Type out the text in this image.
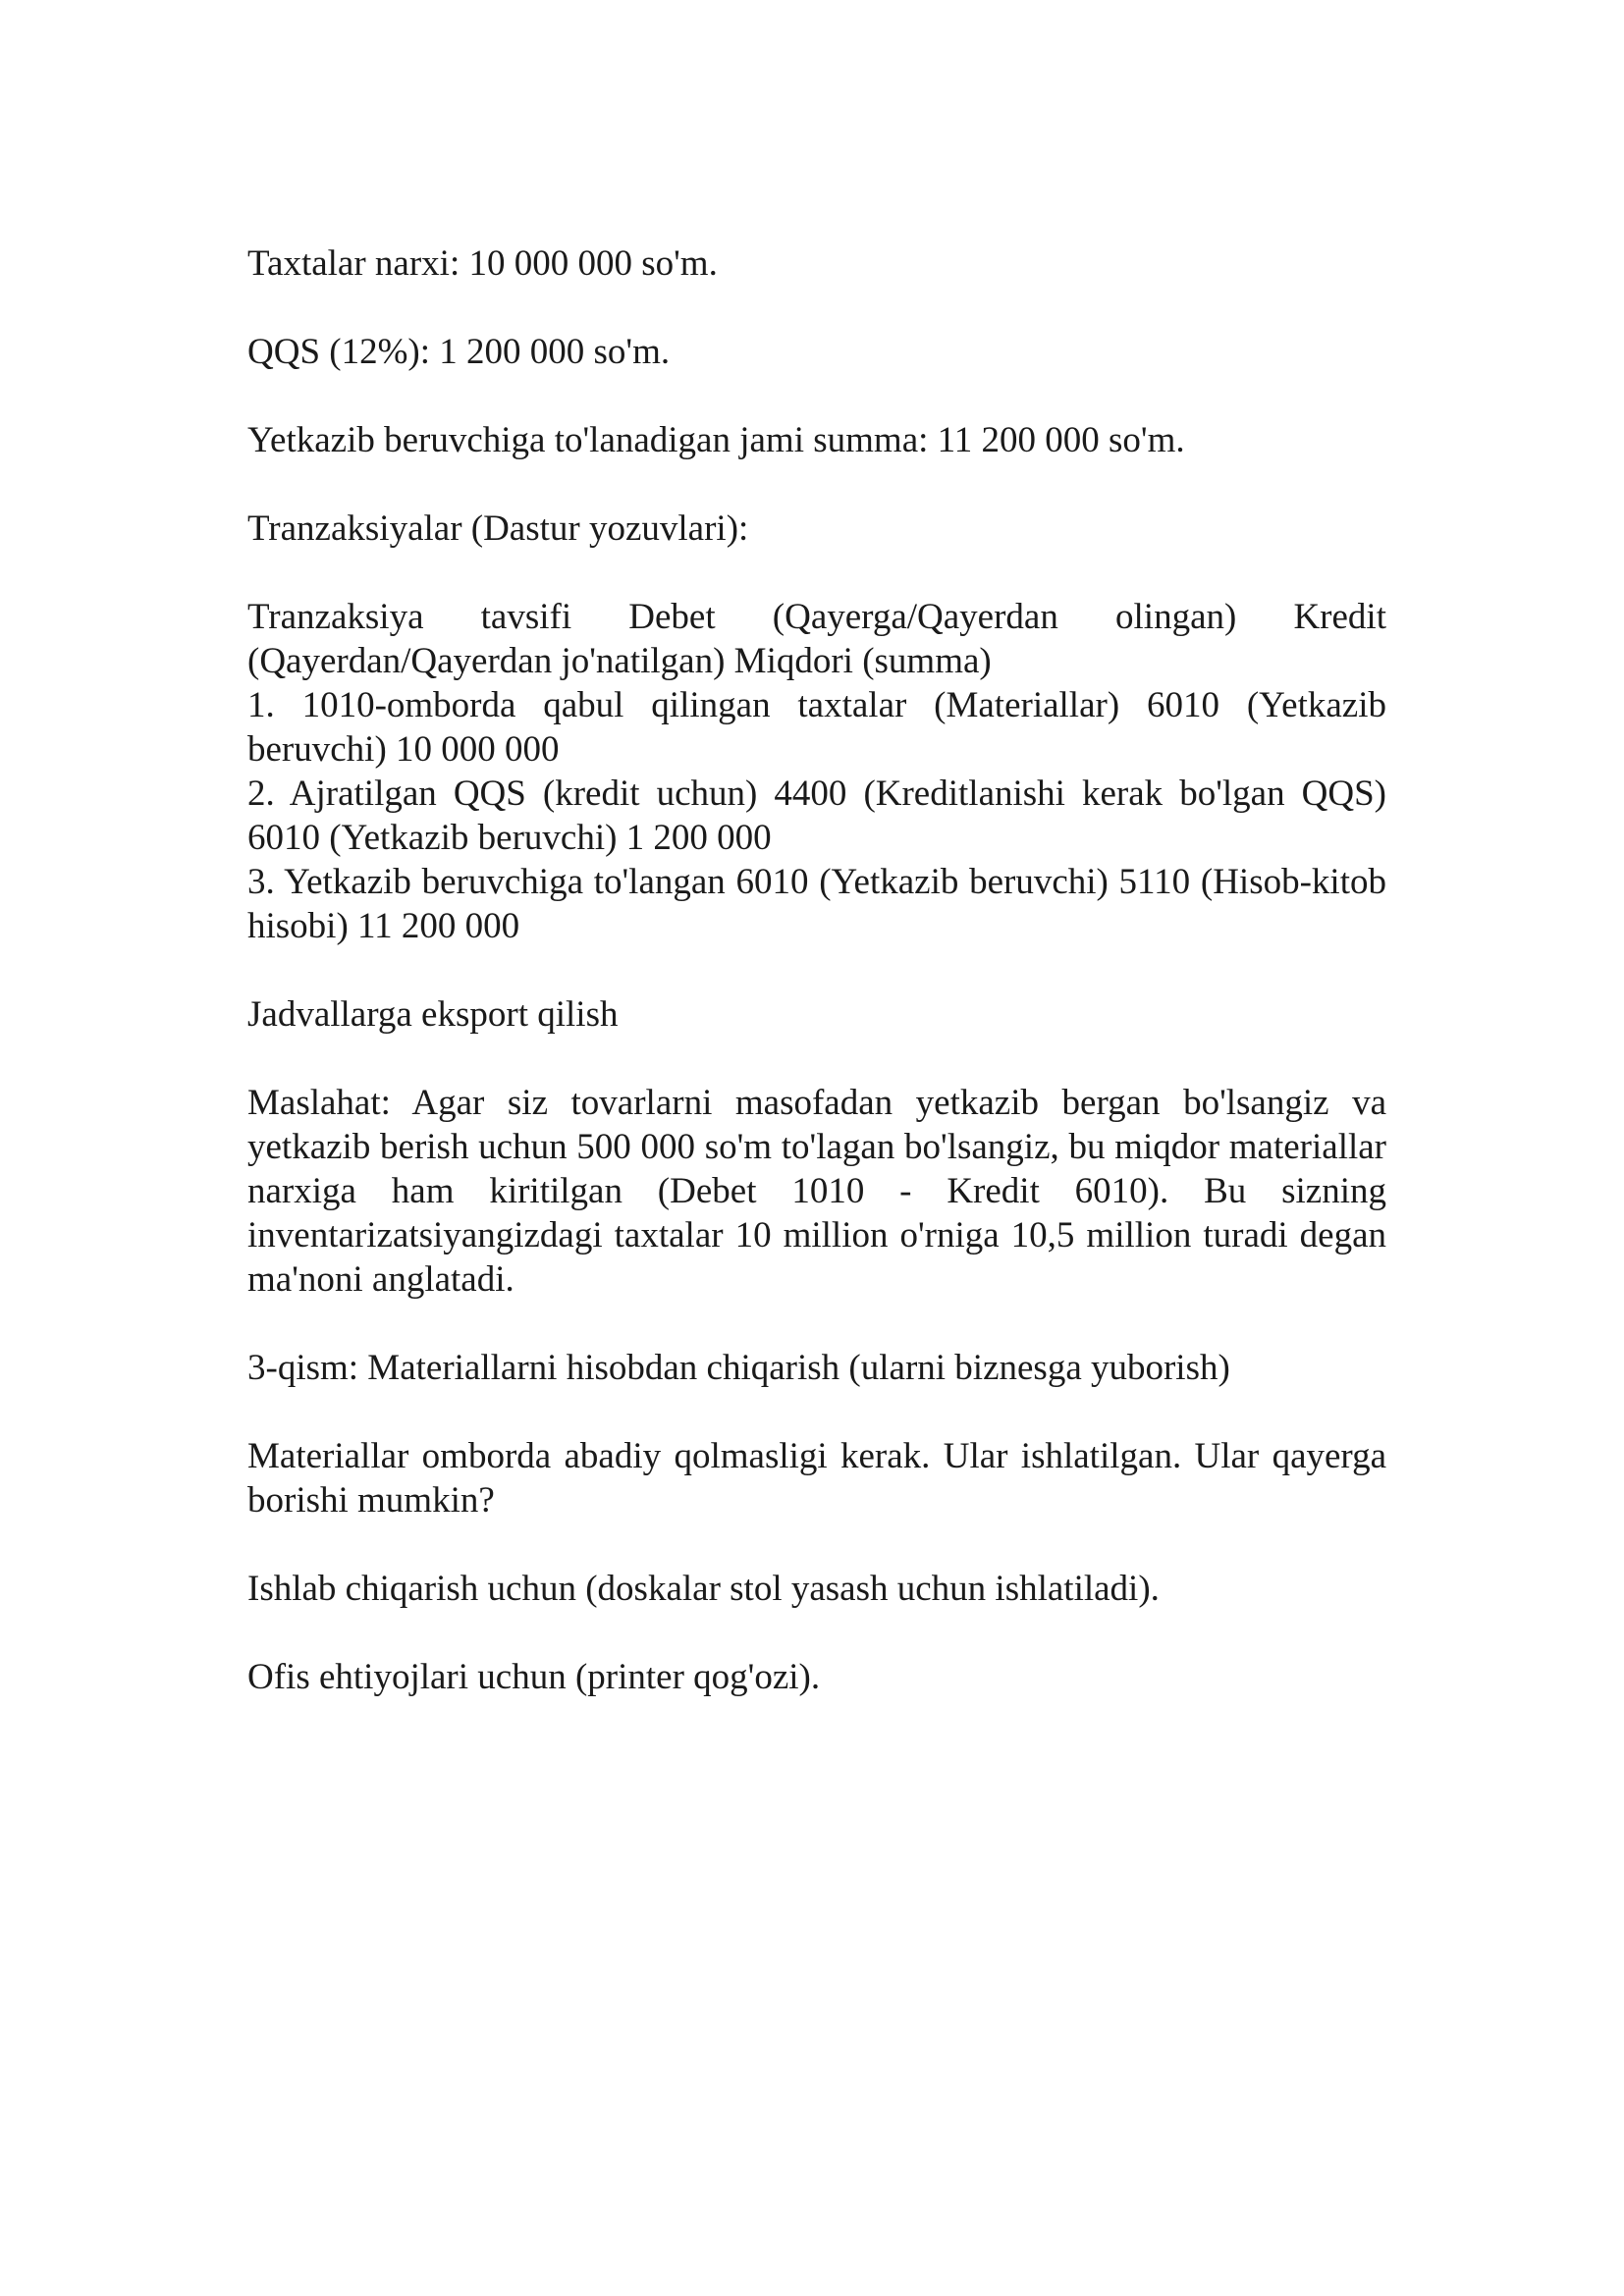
Taxtalar narxi: 10 000 000 so'm.

QQS (12%): 1 200 000 so'm.

Yetkazib beruvchiga to'lanadigan jami summa: 11 200 000 so'm.

Tranzaksiyalar (Dastur yozuvlari):

Tranzaksiya tavsifi Debet (Qayerga/Qayerdan olingan) Kredit (Qayerdan/Qayerdan jo'natilgan) Miqdori (summa)

1. 1010-omborda qabul qilingan taxtalar (Materiallar) 6010 (Yetkazib beruvchi) 10 000 000

2. Ajratilgan QQS (kredit uchun) 4400 (Kreditlanishi kerak bo'lgan QQS) 6010 (Yetkazib beruvchi) 1 200 000

3. Yetkazib beruvchiga to'langan 6010 (Yetkazib beruvchi) 5110 (Hisob-kitob hisobi) 11 200 000

Jadvallarga eksport qilish

Maslahat: Agar siz tovarlarni masofadan yetkazib bergan bo'lsangiz va yetkazib berish uchun 500 000 so'm to'lagan bo'lsangiz, bu miqdor materiallar narxiga ham kiritilgan (Debet 1010 - Kredit 6010). Bu sizning inventarizatsiyangizdagi taxtalar 10 million o'rniga 10,5 million turadi degan ma'noni anglatadi.

3-qism: Materiallarni hisobdan chiqarish (ularni biznesga yuborish)

Materiallar omborda abadiy qolmasligi kerak. Ular ishlatilgan. Ular qayerga borishi mumkin?

Ishlab chiqarish uchun (doskalar stol yasash uchun ishlatiladi).

Ofis ehtiyojlari uchun (printer qog'ozi).
